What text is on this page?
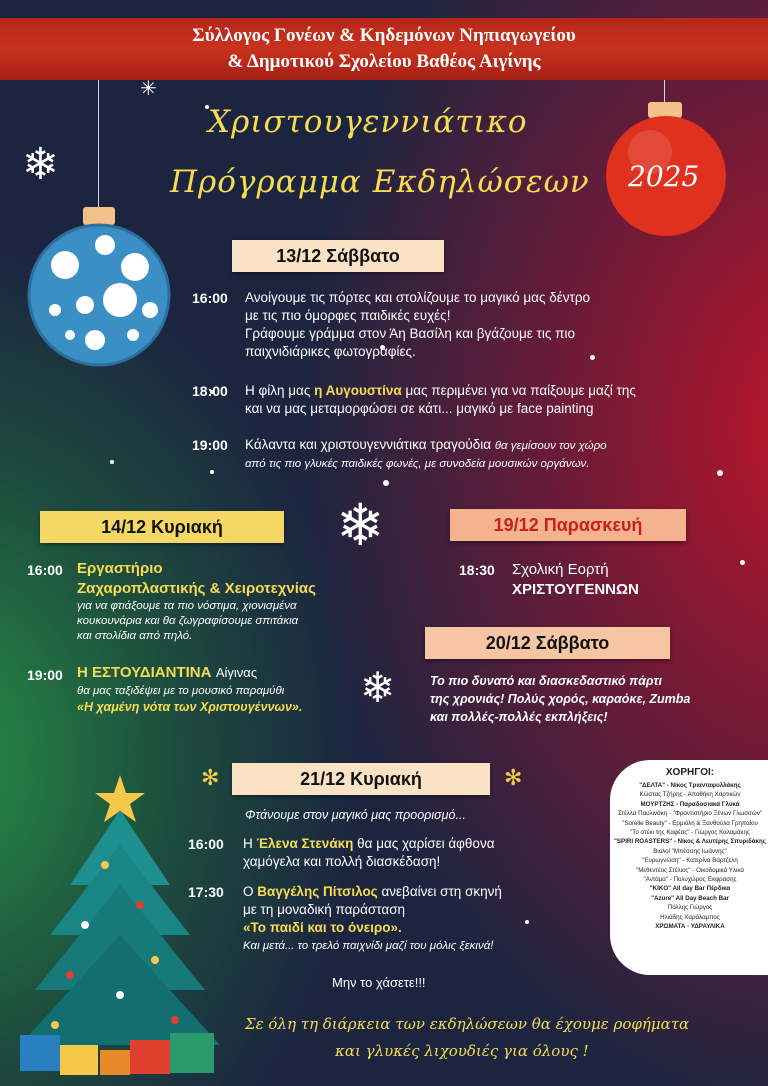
Σύλλογος Γονέων & Κηδεμόνων Νηπιαγωγείου
& Δημοτικού Σχολείου Βαθέος Αιγίνης
2025
❄
✳
❄
❄
✻	✻
Χριστουγεννιάτικο
Πρόγραμμα Εκδηλώσεων
13/12 Σάββατο
16:00 Ανοίγουμε τις πόρτες και στολίζουμε το μαγικό μας δέντρο
με τις πιο όμορφες παιδικές ευχές!
Γράφουμε γράμμα στον Άη Βασίλη και βγάζουμε τις πιο
παιχνιδιάρικες φωτογραφίες.
18:00 Η φίλη μας η Αυγουστίνα μας περιμένει για να παίξουμε μαζί της
και να μας μεταμορφώσει σε κάτι... μαγικό με face painting
19:00 Κάλαντα και χριστουγεννιάτικα τραγούδια θα γεμίσουν τον χώρο
από τις πιο γλυκές παιδικές φωνές, με συνοδεία μουσικών οργάνων.
14/12 Κυριακή
16:00 Εργαστήριο
Ζαχαροπλαστικής & Χειροτεχνίας
για να φτιάξουμε τα πιο νόστιμα, χιονισμένα
κουκουνάρια και θα ζωγραφίσουμε σπιτάκια
και στολίδια από πηλό.
19:00 Η ΕΣΤΟΥΔΙΑΝΤΙΝΑ Αίγινας
θα μας ταξιδέψει με το μουσικό παραμύθι
«Η χαμένη νότα των Χριστουγέννων».
19/12 Παρασκευή
18:30 Σχολική Εορτή
ΧΡΙΣΤΟΥΓΕΝΝΩΝ
20/12 Σάββατο
Το πιο δυνατό και διασκεδαστικό πάρτι
της χρονιάς! Πολύς χορός, καραόκε, Zumba
και πολλές-πολλές εκπλήξεις!
21/12 Κυριακή
Φτάνουμε στον μαγικό μας προορισμό...
16:00 Η Έλενα Στενάκη θα μας χαρίσει άφθονα
χαμόγελα και πολλή διασκέδαση!
17:30 Ο Βαγγέλης Πίτσιλος ανεβαίνει στη σκηνή
με τη μοναδική παράσταση
«Το παιδί και το όνειρο».
Και μετά... το τρελό παιχνίδι μαζί του μόλις ξεκινά!
Μην το χάσετε!!!
ΧΟΡΗΓΟΙ:
"ΔΕΛΤΑ" - Νίκος Τριανταφυλλάκης
Κώστας Τζήρης - Αποθήκη Χαρτικών
ΜΟΥΡΤΖΗΣ - Παραδοσιακά Γλυκά
Στέλλα Παυλινάκη - "Φροντιστήριο Ξένων Γλωσσών"
"Sorelle Beauty" - Ερμιόλη & Ξανθούλα Γρηπαίου
"Το στέκι της Καφέας" - Γιώργος Καλαμάκης
"SPIRI ROASTERS" - Νίκος & Λευτέρης Σπυριδάκης
Βιολοί "Μπέσσης Ιωάννης"
"Ευρωγνώση" - Κατερίνα Βάρτζελη
"Μεθεντέος Στέλιος" - Οικοδομικά Υλικά
"Αντάμα" - Πολυχώρος Έκφρασης
"KIKO" All day Bar Πέρδικα
"Azure" All Day Beach Bar
Πόλλης Γιώργος
Ηλιάδης Χαράλαμπος
ΧΡΩΜΑΤΑ - ΥΔΡΑΥΛΙΚΑ
Σε όλη τη διάρκεια των εκδηλώσεων θα έχουμε ροφήματα
και γλυκές λιχουδιές για όλους !
